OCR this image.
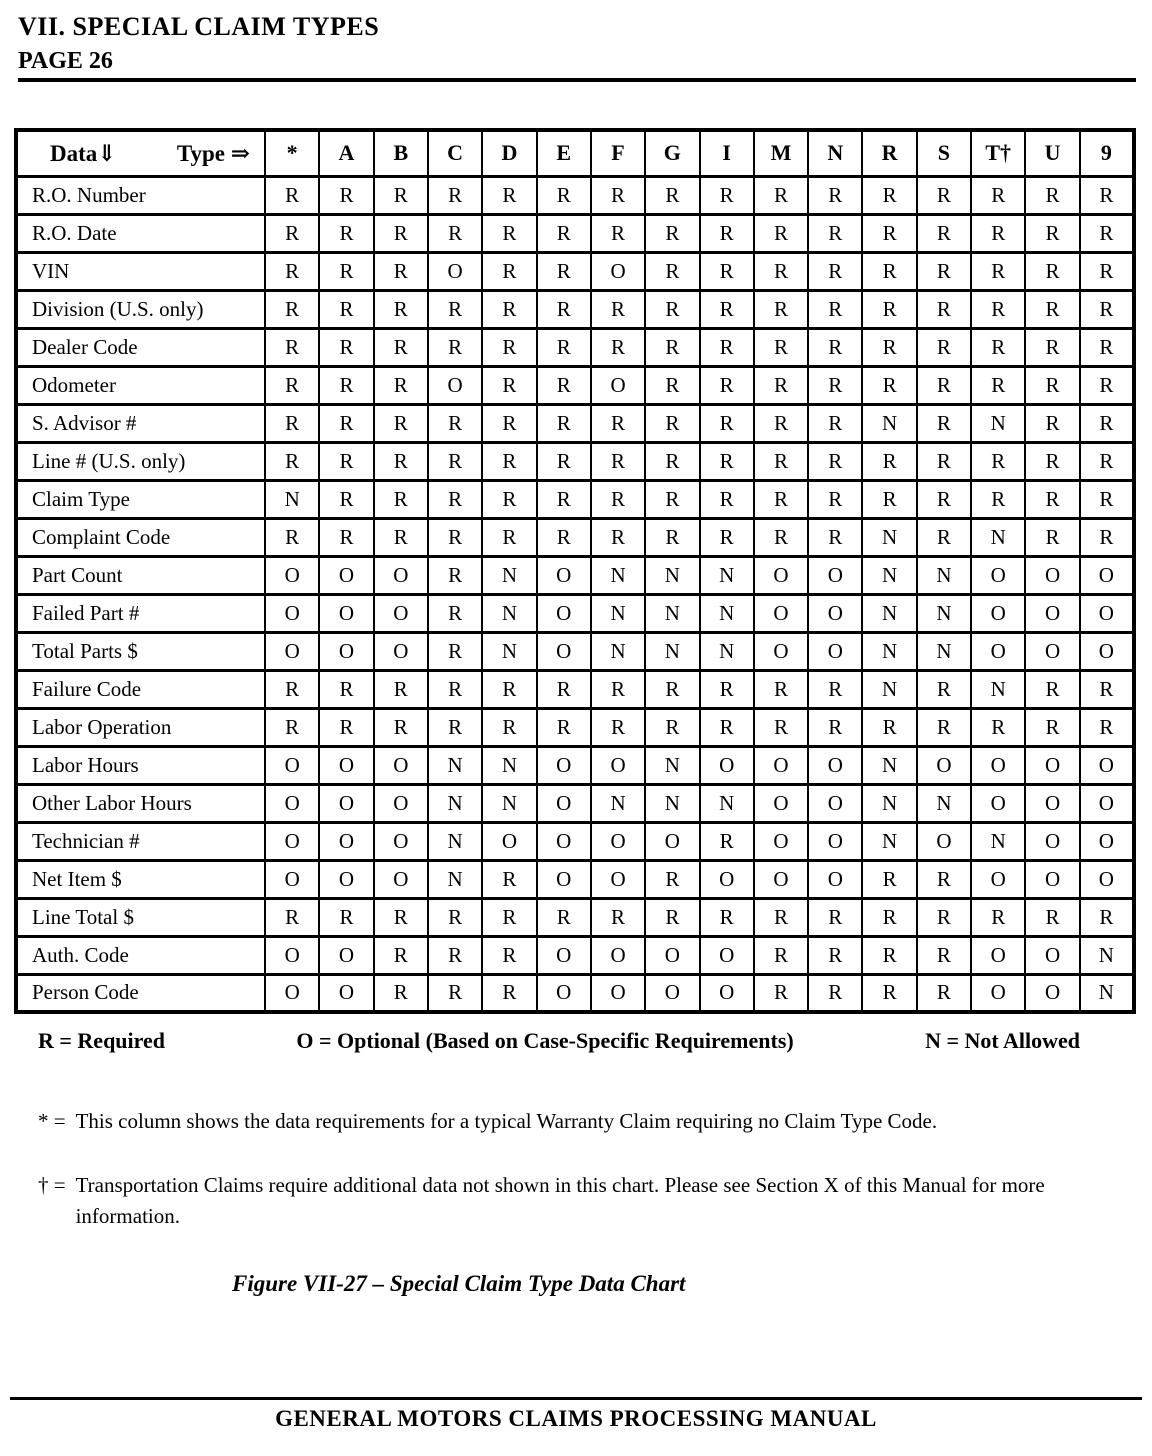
VII. SPECIAL CLAIM TYPES
PAGE 26
Data⇓ Type ⇒	*	A	B	C	D	E	F	G	I	M	N	R	S	T†	U	9
R.O. Number	R	R	R	R	R	R	R	R	R	R	R	R	R	R	R	R
R.O. Date	R	R	R	R	R	R	R	R	R	R	R	R	R	R	R	R
VIN	R	R	R	O	R	R	O	R	R	R	R	R	R	R	R	R
Division (U.S. only)	R	R	R	R	R	R	R	R	R	R	R	R	R	R	R	R
Dealer Code	R	R	R	R	R	R	R	R	R	R	R	R	R	R	R	R
Odometer	R	R	R	O	R	R	O	R	R	R	R	R	R	R	R	R
S. Advisor #	R	R	R	R	R	R	R	R	R	R	R	N	R	N	R	R
Line # (U.S. only)	R	R	R	R	R	R	R	R	R	R	R	R	R	R	R	R
Claim Type	N	R	R	R	R	R	R	R	R	R	R	R	R	R	R	R
Complaint Code	R	R	R	R	R	R	R	R	R	R	R	N	R	N	R	R
Part Count	O	O	O	R	N	O	N	N	N	O	O	N	N	O	O	O
Failed Part #	O	O	O	R	N	O	N	N	N	O	O	N	N	O	O	O
Total Parts $	O	O	O	R	N	O	N	N	N	O	O	N	N	O	O	O
Failure Code	R	R	R	R	R	R	R	R	R	R	R	N	R	N	R	R
Labor Operation	R	R	R	R	R	R	R	R	R	R	R	R	R	R	R	R
Labor Hours	O	O	O	N	N	O	O	N	O	O	O	N	O	O	O	O
Other Labor Hours	O	O	O	N	N	O	N	N	N	O	O	N	N	O	O	O
Technician #	O	O	O	N	O	O	O	O	R	O	O	N	O	N	O	O
Net Item $	O	O	O	N	R	O	O	R	O	O	O	R	R	O	O	O
Line Total $	R	R	R	R	R	R	R	R	R	R	R	R	R	R	R	R
Auth. Code	O	O	R	R	R	O	O	O	O	R	R	R	R	O	O	N
Person Code	O	O	R	R	R	O	O	O	O	R	R	R	R	O	O	N
R = Required	O = Optional (Based on Case-Specific Requirements)	N = Not Allowed
* = This column shows the data requirements for a typical Warranty Claim requiring no Claim Type Code.
† = Transportation Claims require additional data not shown in this chart. Please see Section X of this Manual for more information.
Figure VII-27 – Special Claim Type Data Chart
GENERAL MOTORS CLAIMS PROCESSING MANUAL
